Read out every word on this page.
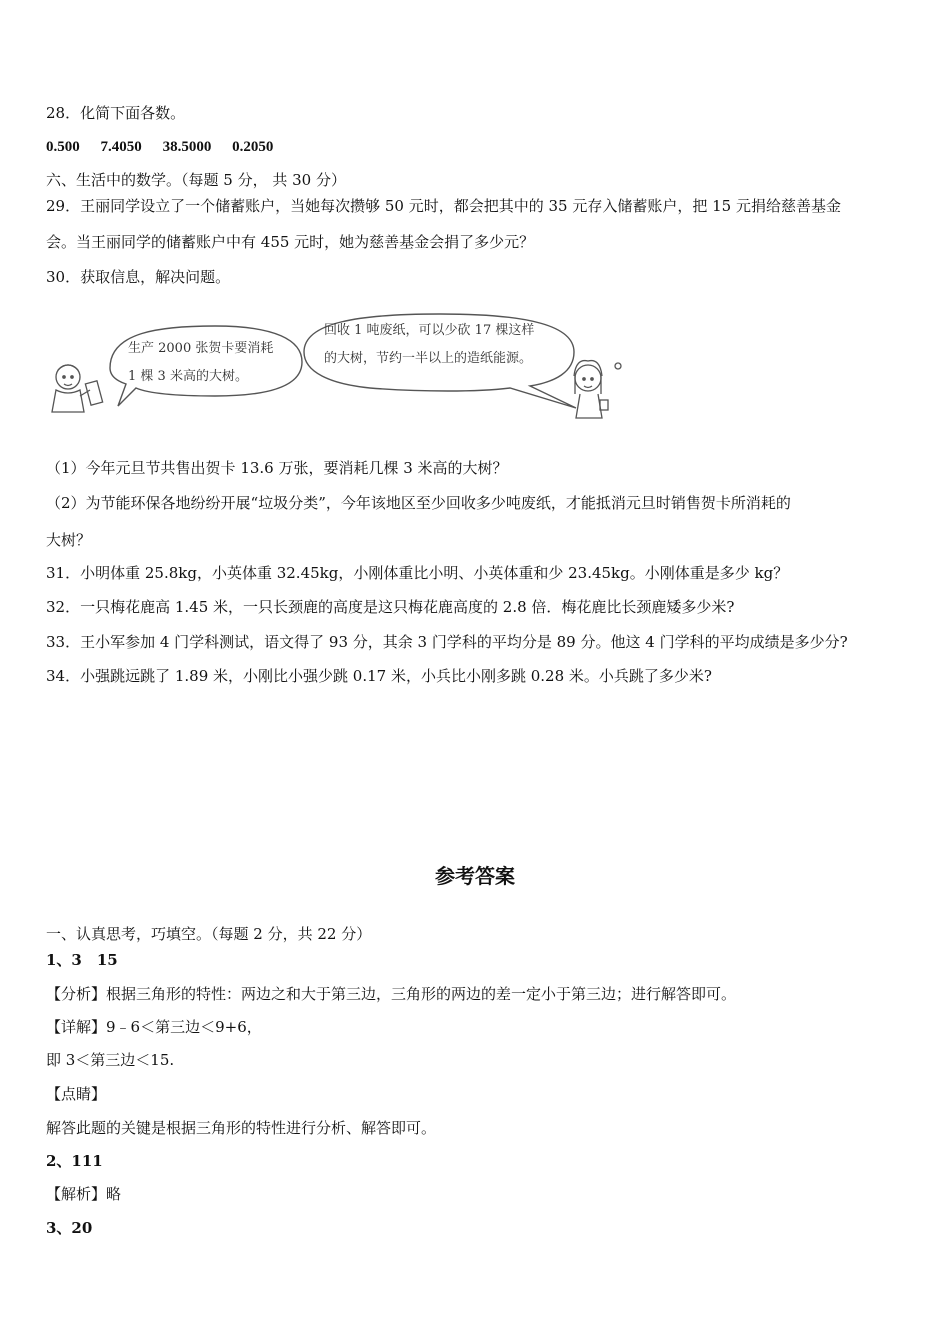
28．化简下面各数。
0.500 7.4050 38.5000 0.2050
六、生活中的数学。（每题 5 分， 共 30 分）
29．王丽同学设立了一个储蓄账户，当她每次攒够 50 元时，都会把其中的 35 元存入储蓄账户，把 15 元捐给慈善基金
会。当王丽同学的储蓄账户中有 455 元时，她为慈善基金会捐了多少元？
30．获取信息，解决问题。
生产 2000 张贺卡要消耗
1 棵 3 米高的大树。
回收 1 吨废纸，可以少砍 17 棵这样
的大树，节约一半以上的造纸能源。
（1）今年元旦节共售出贺卡 13.6 万张，要消耗几棵 3 米高的大树？
（2）为节能环保各地纷纷开展“垃圾分类”，今年该地区至少回收多少吨废纸，才能抵消元旦时销售贺卡所消耗的
大树？
31．小明体重 25.8kg，小英体重 32.45kg，小刚体重比小明、小英体重和少 23.45kg。小刚体重是多少 kg？
32．一只梅花鹿高 1.45 米，一只长颈鹿的高度是这只梅花鹿高度的 2.8 倍．梅花鹿比长颈鹿矮多少米?
33．王小军参加 4 门学科测试，语文得了 93 分，其余 3 门学科的平均分是 89 分。他这 4 门学科的平均成绩是多少分?
34．小强跳远跳了 1.89 米，小刚比小强少跳 0.17 米，小兵比小刚多跳 0.28 米。小兵跳了多少米?
参考答案
一、认真思考，巧填空。（每题 2 分，共 22 分）
1、3　15
【分析】根据三角形的特性：两边之和大于第三边，三角形的两边的差一定小于第三边；进行解答即可。
【详解】9﹣6＜第三边＜9+6，
即 3＜第三边＜15.
【点睛】
解答此题的关键是根据三角形的特性进行分析、解答即可。
2、111
【解析】略
3、20
